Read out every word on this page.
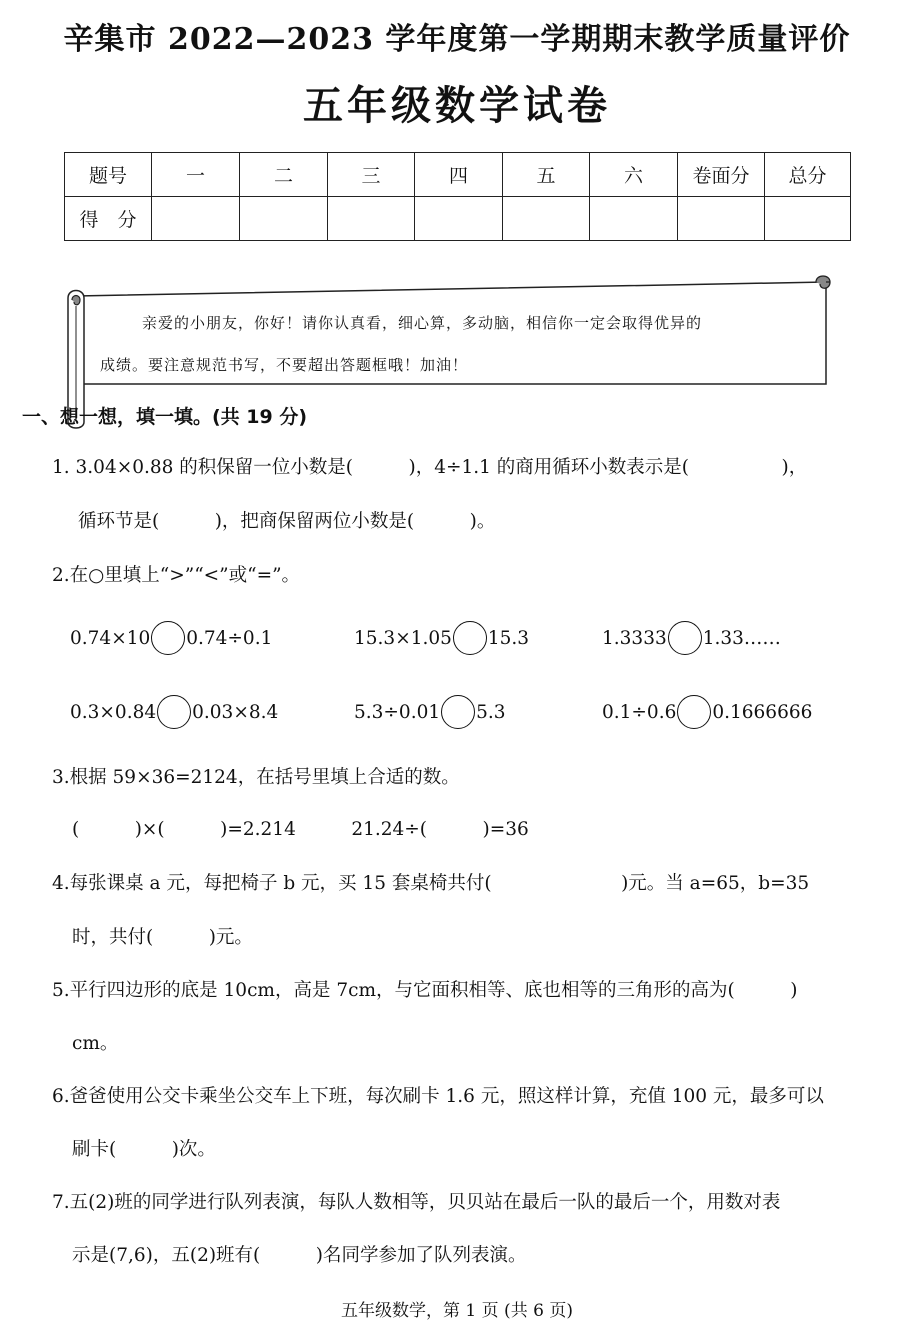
辛集市 2022—2023 学年度第一学期期末教学质量评价
五年级数学试卷
题号	一	二	三	四	五	六	卷面分	总分
得　分								
亲爱的小朋友，你好！请你认真看，细心算，多动脑，相信你一定会取得优异的
成绩。要注意规范书写，不要超出答题框哦！加油！
一、想一想，填一填。(共 19 分)
1. 3.04×0.88 的积保留一位小数是(　　　)，4÷1.1 的商用循环小数表示是(　　　　　)，
循环节是(　　　)，把商保留两位小数是(　　　)。
2.在○里填上“>”“<”或“=”。
0.74×10 0.74÷0.1	15.3×1.05 15.3	1.3333 1.33……
0.3×0.84 0.03×8.4	5.3÷0.01 5.3	0.1÷0.6 0.1666666
3.根据 59×36=2124，在括号里填上合适的数。
(　　　)×(　　　)=2.214　　　21.24÷(　　　)=36
4.每张课桌 a 元，每把椅子 b 元，买 15 套桌椅共付(　　　　　　　)元。当 a=65，b=35
时，共付(　　　)元。
5.平行四边形的底是 10cm，高是 7cm，与它面积相等、底也相等的三角形的高为(　　　)
cm。
6.爸爸使用公交卡乘坐公交车上下班，每次刷卡 1.6 元，照这样计算，充值 100 元，最多可以
刷卡(　　　)次。
7.五(2)班的同学进行队列表演，每队人数相等，贝贝站在最后一队的最后一个，用数对表
示是(7,6)，五(2)班有(　　　)名同学参加了队列表演。
五年级数学，第 1 页 (共 6 页)
